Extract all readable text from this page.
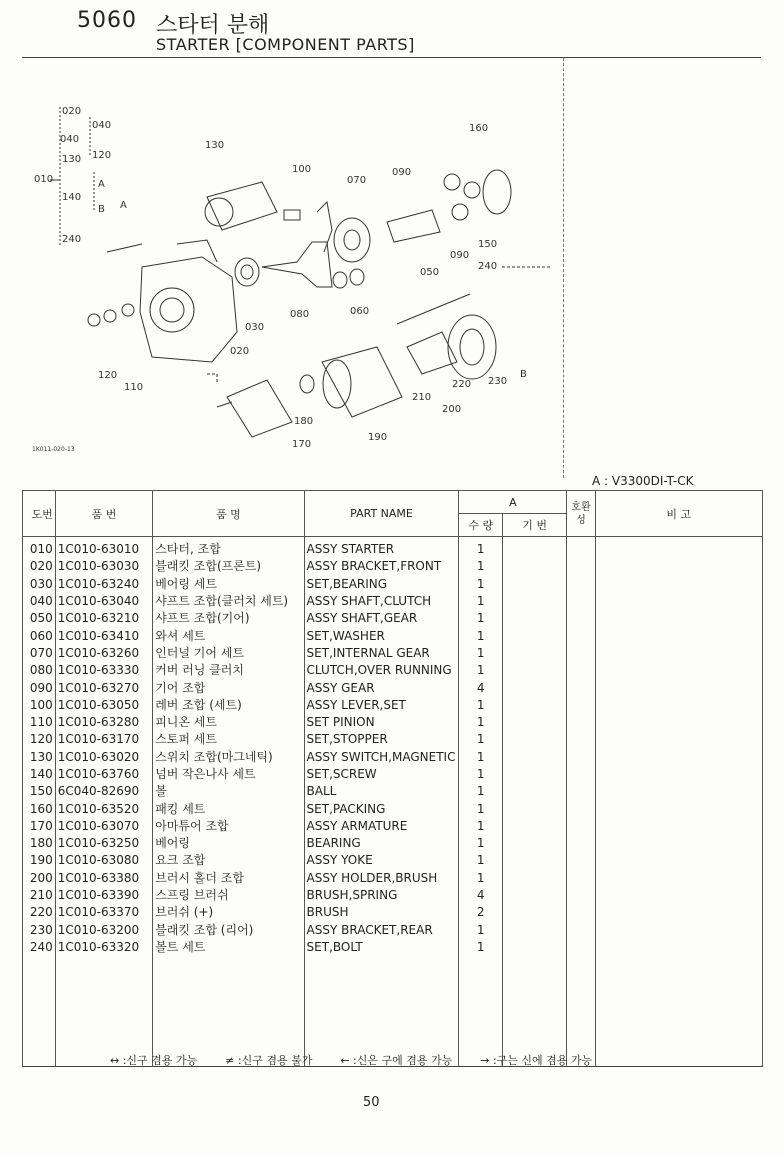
5060 스타터 분해
STARTER [COMPONENT PARTS]
020
040
040
120
130
010	A
140
B
240
A
130
100
070
090
160
150
090
050
240
060
080
030
020
120
110	220 230
B
210
200
180
190
170
1K011-020-13
A : V3300DI-T-CK
도번	품 번	품 명	PART NAME	A		호환성	비 고
				수 량	기 번		
010	1C010-63010	스타터, 조합	ASSY STARTER	1			
020	1C010-63030	블래킷 조합(프론트)	ASSY BRACKET,FRONT	1			
030	1C010-63240	베어링 세트	SET,BEARING	1			
040	1C010-63040	샤프트 조합(클러치 세트)	ASSY SHAFT,CLUTCH	1			
050	1C010-63210	샤프트 조합(기어)	ASSY SHAFT,GEAR	1			
060	1C010-63410	와셔 세트	SET,WASHER	1			
070	1C010-63260	인터널 기어 세트	SET,INTERNAL GEAR	1			
080	1C010-63330	커버 러닝 클러치	CLUTCH,OVER RUNNING	1			
090	1C010-63270	기어 조합	ASSY GEAR	4			
100	1C010-63050	레버 조합 (세트)	ASSY LEVER,SET	1			
110	1C010-63280	피니온 세트	SET PINION	1			
120	1C010-63170	스토퍼 세트	SET,STOPPER	1			
130	1C010-63020	스위치 조합(마그네틱)	ASSY SWITCH,MAGNETIC	1			
140	1C010-63760	넘버 작은나사 세트	SET,SCREW	1			
150	6C040-82690	볼	BALL	1			
160	1C010-63520	패킹 세트	SET,PACKING	1			
170	1C010-63070	아마튜어 조합	ASSY ARMATURE	1			
180	1C010-63250	베어링	BEARING	1			
190	1C010-63080	요크 조합	ASSY YOKE	1			
200	1C010-63380	브러시 홀더 조합	ASSY HOLDER,BRUSH	1			
210	1C010-63390	스프링 브러쉬	BRUSH,SPRING	4			
220	1C010-63370	브러쉬 (+)	BRUSH	2			
230	1C010-63200	블래킷 조합 (리어)	ASSY BRACKET,REAR	1			
240	1C010-63320	볼트 세트	SET,BOLT	1			

↔ :신구 겸용 가능	≠ :신구 겸용 불가	← :신은 구에 겸용 가능	→ :구는 신에 겸용 가능
50
